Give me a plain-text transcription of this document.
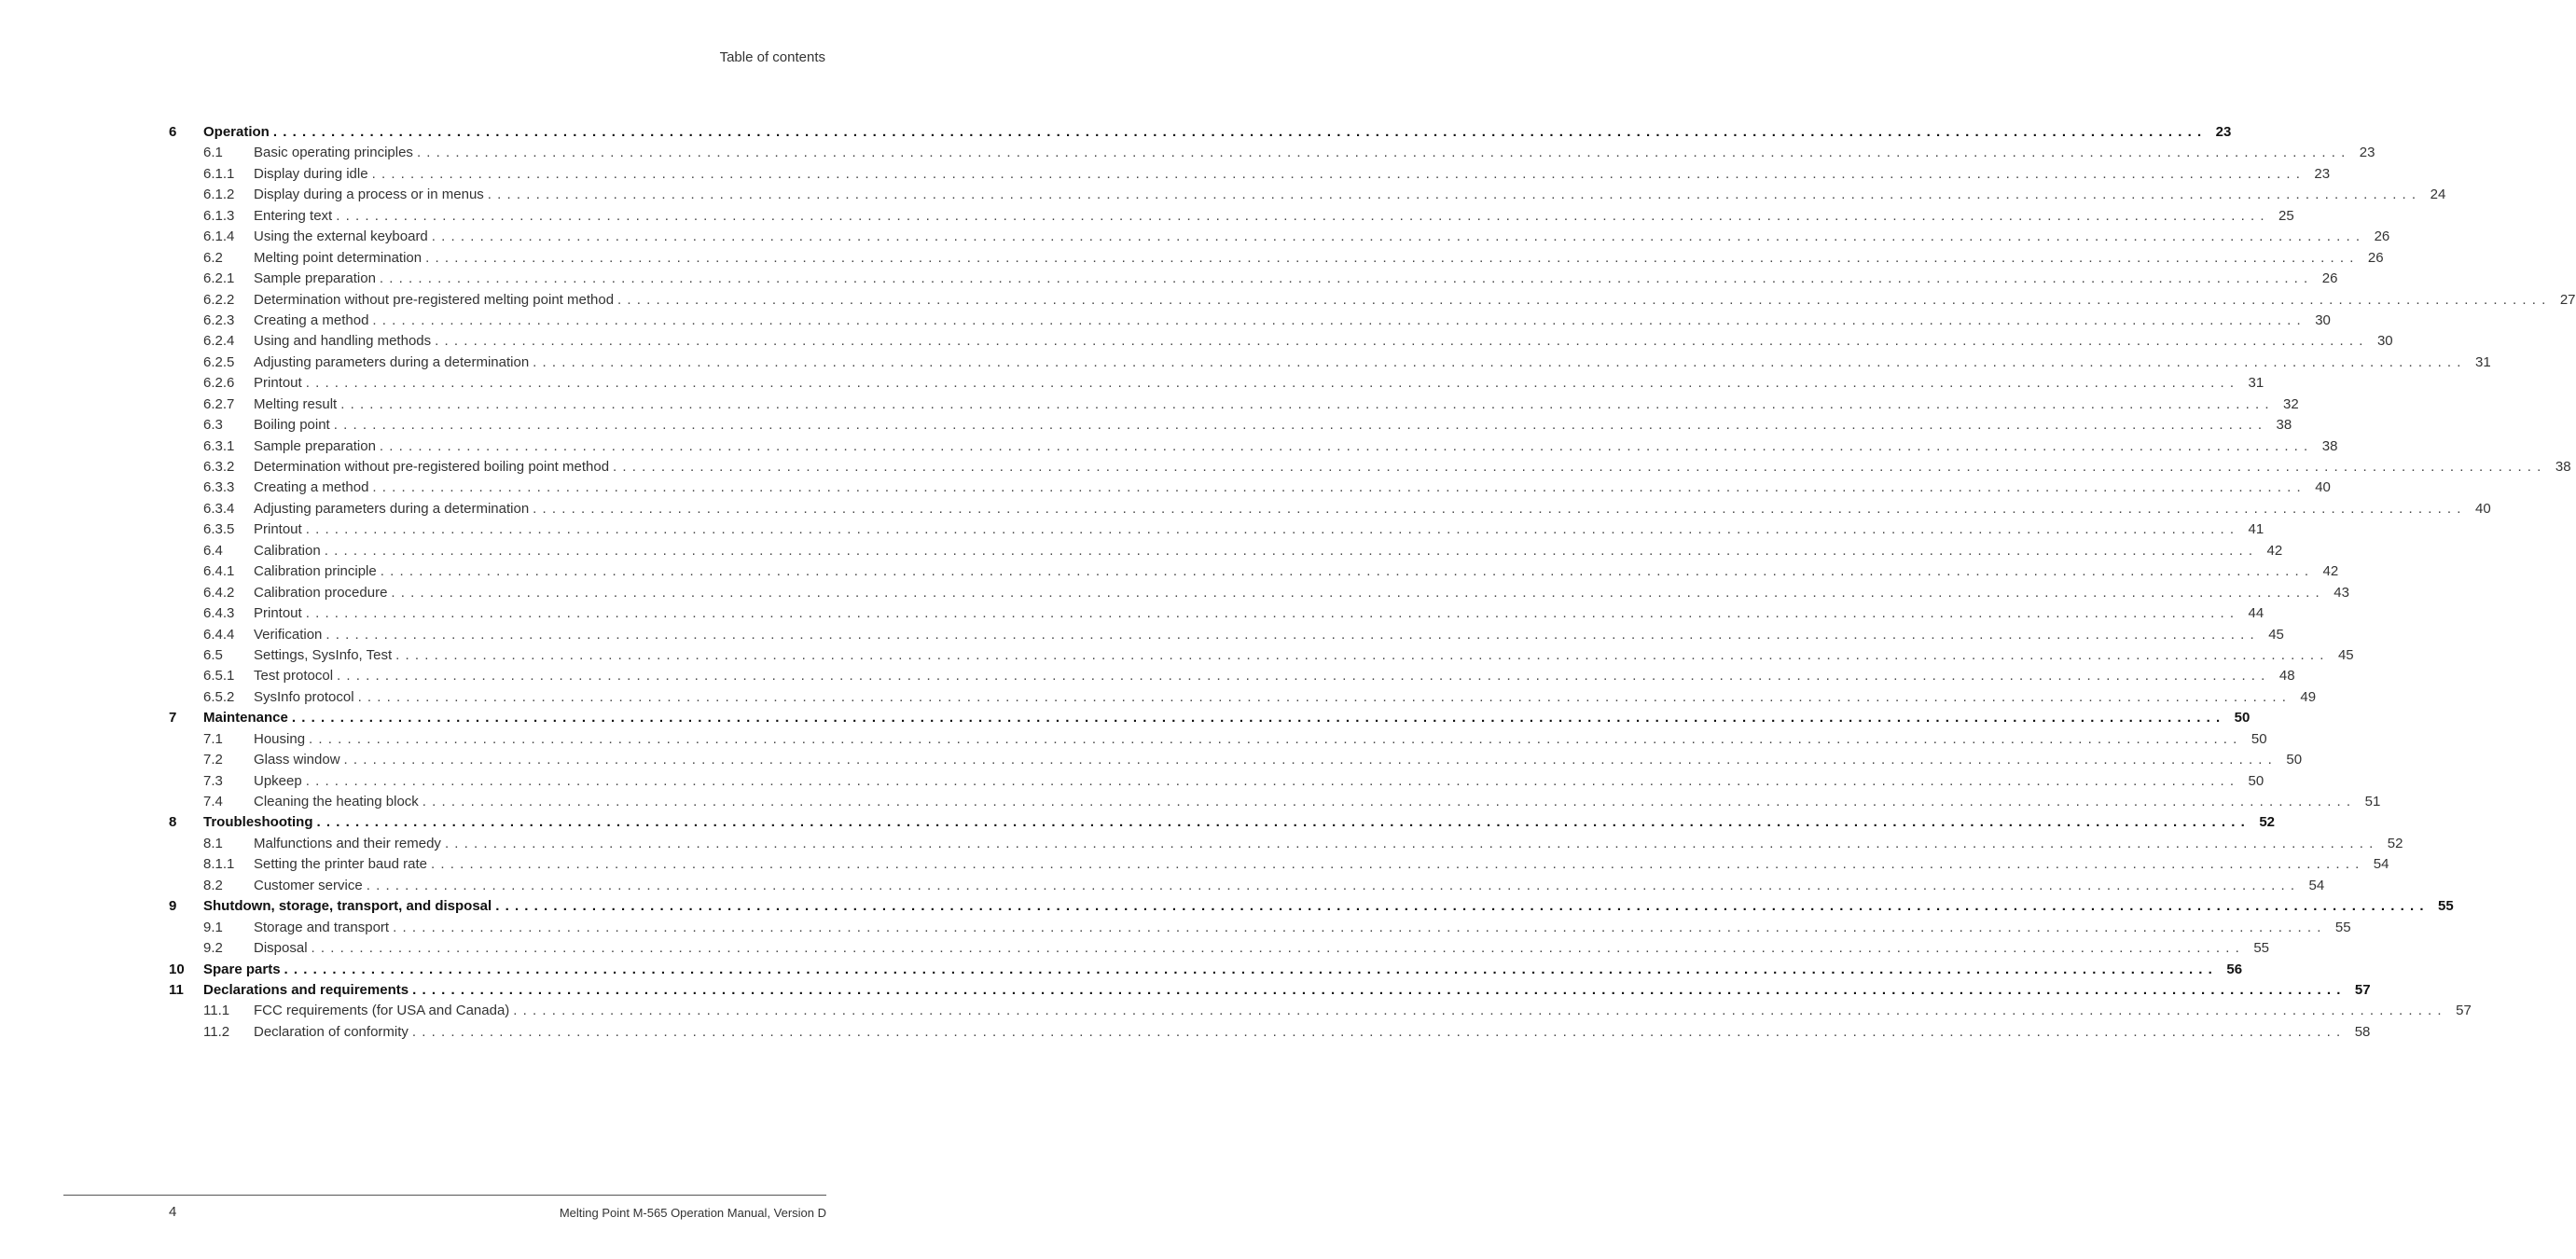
Table of contents
6 Operation ........................................................................................................................................................................................................ 23
6.1 Basic operating principles ........................................................................................................................................................................................................ 23
6.1.1 Display during idle ........................................................................................................................................................................................................ 23
6.1.2 Display during a process or in menus ........................................................................................................................................................................................................ 24
6.1.3 Entering text ........................................................................................................................................................................................................ 25
6.1.4 Using the external keyboard ........................................................................................................................................................................................................ 26
6.2 Melting point determination ........................................................................................................................................................................................................ 26
6.2.1 Sample preparation ........................................................................................................................................................................................................ 26
6.2.2 Determination without pre-registered melting point method ........................................................................................................................................................................................................ 27
6.2.3 Creating a method ........................................................................................................................................................................................................ 30
6.2.4 Using and handling methods ........................................................................................................................................................................................................ 30
6.2.5 Adjusting parameters during a determination ........................................................................................................................................................................................................ 31
6.2.6 Printout ........................................................................................................................................................................................................ 31
6.2.7 Melting result ........................................................................................................................................................................................................ 32
6.3 Boiling point ........................................................................................................................................................................................................ 38
6.3.1 Sample preparation ........................................................................................................................................................................................................ 38
6.3.2 Determination without pre-registered boiling point method ........................................................................................................................................................................................................ 38
6.3.3 Creating a method ........................................................................................................................................................................................................ 40
6.3.4 Adjusting parameters during a determination ........................................................................................................................................................................................................ 40
6.3.5 Printout ........................................................................................................................................................................................................ 41
6.4 Calibration ........................................................................................................................................................................................................ 42
6.4.1 Calibration principle ........................................................................................................................................................................................................ 42
6.4.2 Calibration procedure ........................................................................................................................................................................................................ 43
6.4.3 Printout ........................................................................................................................................................................................................ 44
6.4.4 Verification ........................................................................................................................................................................................................ 45
6.5 Settings, SysInfo, Test ........................................................................................................................................................................................................ 45
6.5.1 Test protocol ........................................................................................................................................................................................................ 48
6.5.2 SysInfo protocol ........................................................................................................................................................................................................ 49
7 Maintenance ........................................................................................................................................................................................................ 50
7.1 Housing ........................................................................................................................................................................................................ 50
7.2 Glass window ........................................................................................................................................................................................................ 50
7.3 Upkeep ........................................................................................................................................................................................................ 50
7.4 Cleaning the heating block ........................................................................................................................................................................................................ 51
8 Troubleshooting ........................................................................................................................................................................................................ 52
8.1 Malfunctions and their remedy ........................................................................................................................................................................................................ 52
8.1.1 Setting the printer baud rate ........................................................................................................................................................................................................ 54
8.2 Customer service ........................................................................................................................................................................................................ 54
9 Shutdown, storage, transport, and disposal ........................................................................................................................................................................................................ 55
9.1 Storage and transport ........................................................................................................................................................................................................ 55
9.2 Disposal ........................................................................................................................................................................................................ 55
10 Spare parts ........................................................................................................................................................................................................ 56
11 Declarations and requirements ........................................................................................................................................................................................................ 57
11.1 FCC requirements (for USA and Canada) ........................................................................................................................................................................................................ 57
11.2 Declaration of conformity ........................................................................................................................................................................................................ 58
4	Melting Point M-565 Operation Manual, Version D
